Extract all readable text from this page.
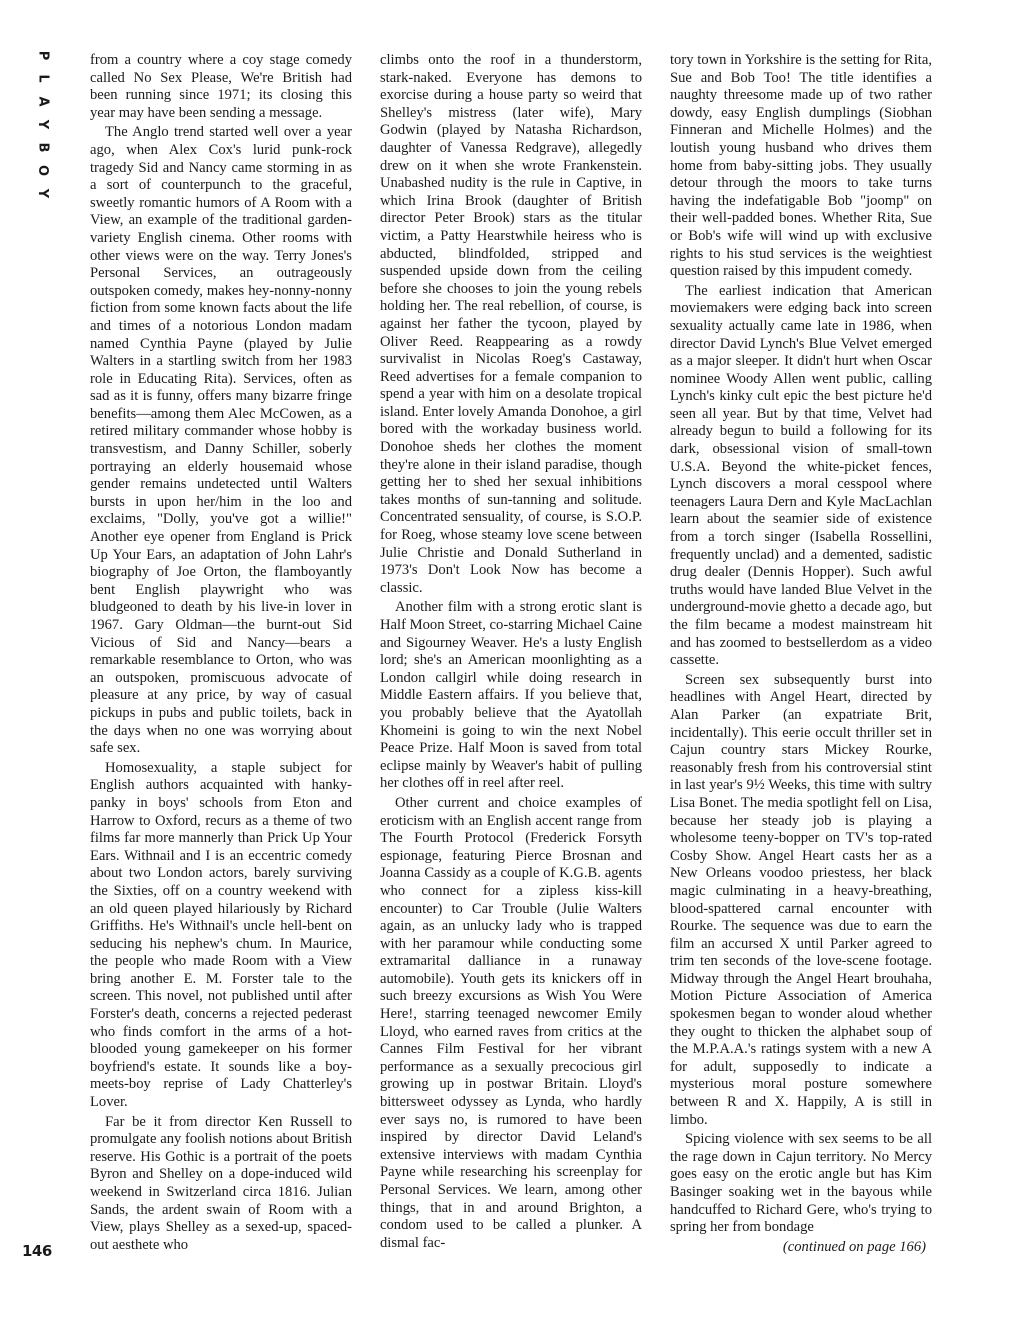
P
L
A
Y
B
O
Y

from a country where a coy stage comedy called No Sex Please, We're British had been running since 1971; its closing this year may have been sending a message.

The Anglo trend started well over a year ago, when Alex Cox's lurid punk-rock tragedy Sid and Nancy came storming in as a sort of counterpunch to the graceful, sweetly romantic humors of A Room with a View, an example of the traditional garden-variety English cinema. Other rooms with other views were on the way. Terry Jones's Personal Services, an outrageously outspoken comedy, makes hey-nonny-nonny fiction from some known facts about the life and times of a notorious London madam named Cynthia Payne (played by Julie Walters in a startling switch from her 1983 role in Educating Rita). Services, often as sad as it is funny, offers many bizarre fringe benefits—among them Alec McCowen, as a retired military commander whose hobby is transvestism, and Danny Schiller, soberly portraying an elderly housemaid whose gender remains undetected until Walters bursts in upon her/him in the loo and exclaims, "Dolly, you've got a willie!" Another eye opener from England is Prick Up Your Ears, an adaptation of John Lahr's biography of Joe Orton, the flamboyantly bent English playwright who was bludgeoned to death by his live-in lover in 1967. Gary Oldman—the burnt-out Sid Vicious of Sid and Nancy—bears a remarkable resemblance to Orton, who was an outspoken, promiscuous advocate of pleasure at any price, by way of casual pickups in pubs and public toilets, back in the days when no one was worrying about safe sex.

Homosexuality, a staple subject for English authors acquainted with hanky-panky in boys' schools from Eton and Harrow to Oxford, recurs as a theme of two films far more mannerly than Prick Up Your Ears. Withnail and I is an eccentric comedy about two London actors, barely surviving the Sixties, off on a country weekend with an old queen played hilariously by Richard Griffiths. He's Withnail's uncle hell-bent on seducing his nephew's chum. In Maurice, the people who made Room with a View bring another E. M. Forster tale to the screen. This novel, not published until after Forster's death, concerns a rejected pederast who finds comfort in the arms of a hot-blooded young gamekeeper on his former boyfriend's estate. It sounds like a boy-meets-boy reprise of Lady Chatterley's Lover.

Far be it from director Ken Russell to promulgate any foolish notions about British reserve. His Gothic is a portrait of the poets Byron and Shelley on a dope-induced wild weekend in Switzerland circa 1816. Julian Sands, the ardent swain of Room with a View, plays Shelley as a sexed-up, spaced-out aesthete who

climbs onto the roof in a thunderstorm, stark-naked. Everyone has demons to exorcise during a house party so weird that Shelley's mistress (later wife), Mary Godwin (played by Natasha Richardson, daughter of Vanessa Redgrave), allegedly drew on it when she wrote Frankenstein. Unabashed nudity is the rule in Captive, in which Irina Brook (daughter of British director Peter Brook) stars as the titular victim, a Patty Hearstwhile heiress who is abducted, blindfolded, stripped and suspended upside down from the ceiling before she chooses to join the young rebels holding her. The real rebellion, of course, is against her father the tycoon, played by Oliver Reed. Reappearing as a rowdy survivalist in Nicolas Roeg's Castaway, Reed advertises for a female companion to spend a year with him on a desolate tropical island. Enter lovely Amanda Donohoe, a girl bored with the workaday business world. Donohoe sheds her clothes the moment they're alone in their island paradise, though getting her to shed her sexual inhibitions takes months of sun-tanning and solitude. Concentrated sensuality, of course, is S.O.P. for Roeg, whose steamy love scene between Julie Christie and Donald Sutherland in 1973's Don't Look Now has become a classic.

Another film with a strong erotic slant is Half Moon Street, co-starring Michael Caine and Sigourney Weaver. He's a lusty English lord; she's an American moonlighting as a London callgirl while doing research in Middle Eastern affairs. If you believe that, you probably believe that the Ayatollah Khomeini is going to win the next Nobel Peace Prize. Half Moon is saved from total eclipse mainly by Weaver's habit of pulling her clothes off in reel after reel.

Other current and choice examples of eroticism with an English accent range from The Fourth Protocol (Frederick Forsyth espionage, featuring Pierce Brosnan and Joanna Cassidy as a couple of K.G.B. agents who connect for a zipless kiss-kill encounter) to Car Trouble (Julie Walters again, as an unlucky lady who is trapped with her paramour while conducting some extramarital dalliance in a runaway automobile). Youth gets its knickers off in such breezy excursions as Wish You Were Here!, starring teenaged newcomer Emily Lloyd, who earned raves from critics at the Cannes Film Festival for her vibrant performance as a sexually precocious girl growing up in postwar Britain. Lloyd's bittersweet odyssey as Lynda, who hardly ever says no, is rumored to have been inspired by director David Leland's extensive interviews with madam Cynthia Payne while researching his screenplay for Personal Services. We learn, among other things, that in and around Brighton, a condom used to be called a plunker. A dismal fac-

tory town in Yorkshire is the setting for Rita, Sue and Bob Too! The title identifies a naughty threesome made up of two rather dowdy, easy English dumplings (Siobhan Finneran and Michelle Holmes) and the loutish young husband who drives them home from baby-sitting jobs. They usually detour through the moors to take turns having the indefatigable Bob "joomp" on their well-padded bones. Whether Rita, Sue or Bob's wife will wind up with exclusive rights to his stud services is the weightiest question raised by this impudent comedy.

The earliest indication that American moviemakers were edging back into screen sexuality actually came late in 1986, when director David Lynch's Blue Velvet emerged as a major sleeper. It didn't hurt when Oscar nominee Woody Allen went public, calling Lynch's kinky cult epic the best picture he'd seen all year. But by that time, Velvet had already begun to build a following for its dark, obsessional vision of small-town U.S.A. Beyond the white-picket fences, Lynch discovers a moral cesspool where teenagers Laura Dern and Kyle MacLachlan learn about the seamier side of existence from a torch singer (Isabella Rossellini, frequently unclad) and a demented, sadistic drug dealer (Dennis Hopper). Such awful truths would have landed Blue Velvet in the underground-movie ghetto a decade ago, but the film became a modest mainstream hit and has zoomed to bestsellerdom as a video cassette.

Screen sex subsequently burst into headlines with Angel Heart, directed by Alan Parker (an expatriate Brit, incidentally). This eerie occult thriller set in Cajun country stars Mickey Rourke, reasonably fresh from his controversial stint in last year's 9½ Weeks, this time with sultry Lisa Bonet. The media spotlight fell on Lisa, because her steady job is playing a wholesome teeny-bopper on TV's top-rated Cosby Show. Angel Heart casts her as a New Orleans voodoo priestess, her black magic culminating in a heavy-breathing, blood-spattered carnal encounter with Rourke. The sequence was due to earn the film an accursed X until Parker agreed to trim ten seconds of the love-scene footage. Midway through the Angel Heart brouhaha, Motion Picture Association of America spokesmen began to wonder aloud whether they ought to thicken the alphabet soup of the M.P.A.A.'s ratings system with a new A for adult, supposedly to indicate a mysterious moral posture somewhere between R and X. Happily, A is still in limbo.

Spicing violence with sex seems to be all the rage down in Cajun territory. No Mercy goes easy on the erotic angle but has Kim Basinger soaking wet in the bayous while handcuffed to Richard Gere, who's trying to spring her from bondage

(continued on page 166)
146
